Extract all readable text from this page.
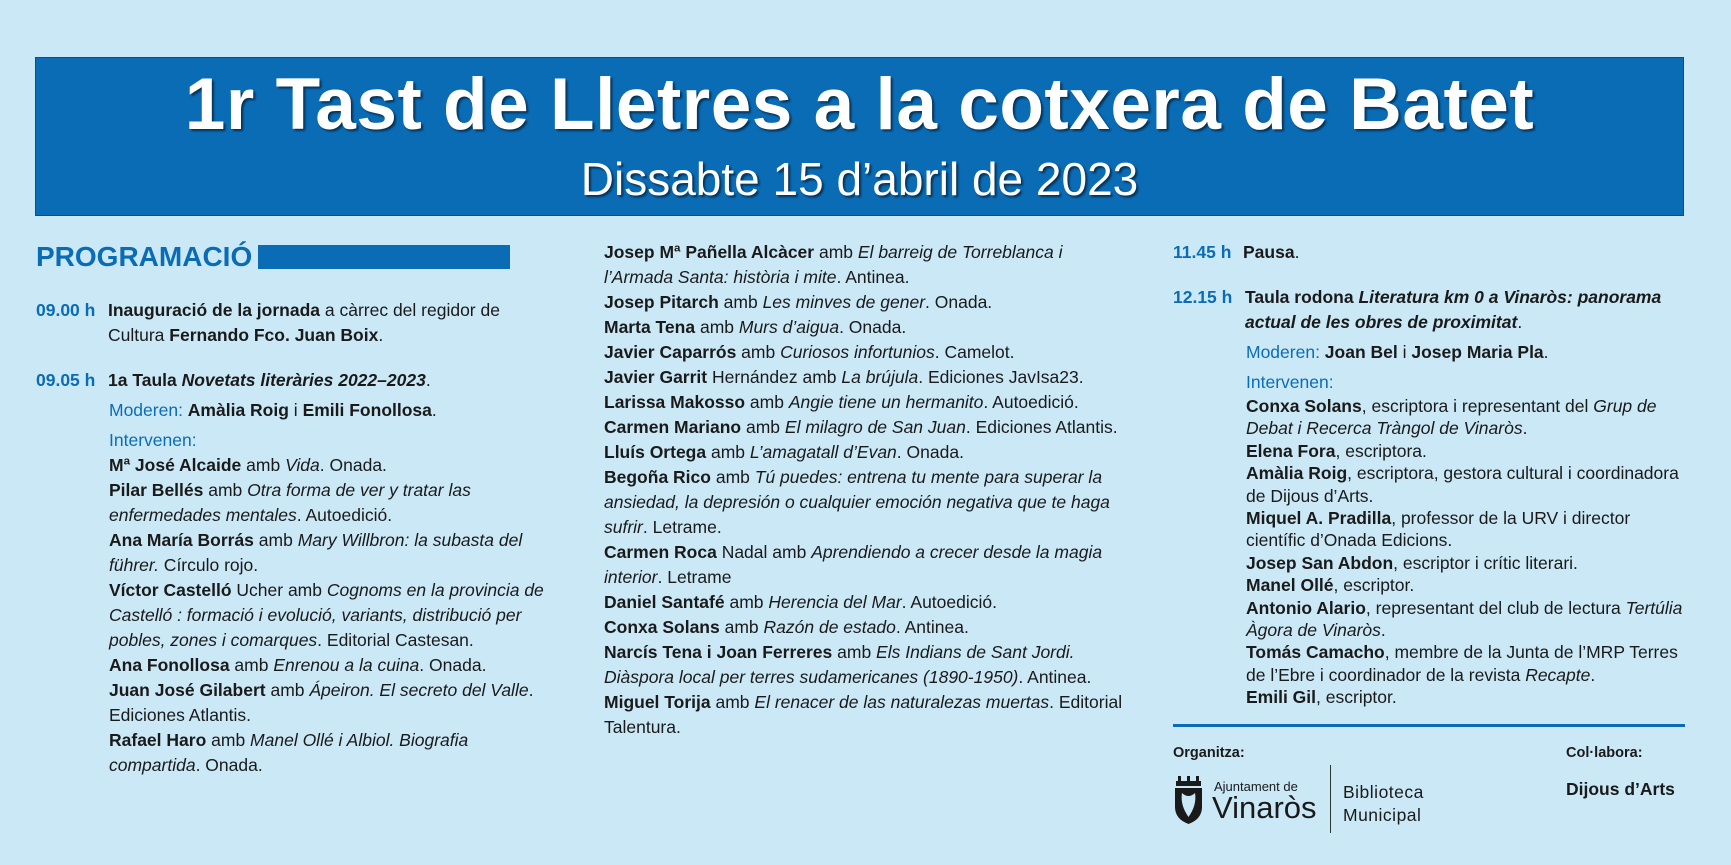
1r Tast de Lletres a la cotxera de Batet
Dissabte 15 d’abril de 2023
PROGRAMACIÓ
09.00 h Inauguració de la jornada a càrrec del regidor de Cultura Fernando Fco. Juan Boix.
09.05 h 1a Taula Novetats literàries 2022–2023.
Moderen: Amàlia Roig i Emili Fonollosa.
Intervenen:
Mª José Alcaide amb Vida. Onada.
Pilar Bellés amb Otra forma de ver y tratar las enfermedades mentales. Autoedició.
Ana María Borrás amb Mary Willbron: la subasta del führer. Círculo rojo.
Víctor Castelló Ucher amb Cognoms en la provincia de Castelló : formació i evolució, variants, distribució per pobles, zones i comarques. Editorial Castesan.
Ana Fonollosa amb Enrenou a la cuina. Onada.
Juan José Gilabert amb Ápeiron. El secreto del Valle. Ediciones Atlantis.
Rafael Haro amb Manel Ollé i Albiol. Biografia compartida. Onada.
Josep Mª Pañella Alcàcer amb El barreig de Torreblanca i l’Armada Santa: història i mite. Antinea.
Josep Pitarch amb Les minves de gener. Onada.
Marta Tena amb Murs d’aigua. Onada.
Javier Caparrós amb Curiosos infortunios. Camelot.
Javier Garrit Hernández amb La brújula. Ediciones JavIsa23.
Larissa Makosso amb Angie tiene un hermanito. Autoedició.
Carmen Mariano amb El milagro de San Juan. Ediciones Atlantis.
Lluís Ortega amb L’amagatall d’Evan. Onada.
Begoña Rico amb Tú puedes: entrena tu mente para superar la ansiedad, la depresión o cualquier emoción negativa que te haga sufrir. Letrame.
Carmen Roca Nadal amb Aprendiendo a crecer desde la magia interior. Letrame
Daniel Santafé amb Herencia del Mar. Autoedició.
Conxa Solans amb Razón de estado. Antinea.
Narcís Tena i Joan Ferreres amb Els Indians de Sant Jordi. Diàspora local per terres sudamericanes (1890-1950). Antinea.
Miguel Torija amb El renacer de las naturalezas muertas. Editorial Talentura.
11.45 h Pausa.
12.15 h Taula rodona Literatura km 0 a Vinaròs: panorama actual de les obres de proximitat.
Moderen: Joan Bel i Josep Maria Pla.
Intervenen:
Conxa Solans, escriptora i representant del Grup de Debat i Recerca Tràngol de Vinaròs.
Elena Fora, escriptora.
Amàlia Roig, escriptora, gestora cultural i coordinadora de Dijous d’Arts.
Miquel A. Pradilla, professor de la URV i director científic d’Onada Edicions.
Josep San Abdon, escriptor i crític literari.
Manel Ollé, escriptor.
Antonio Alario, representant del club de lectura Tertúlia Àgora de Vinaròs.
Tomás Camacho, membre de la Junta de l’MRP Terres de l’Ebre i coordinador de la revista Recapte.
Emili Gil, escriptor.
Organitza:	Col·labora:
Ajuntament de
Vinaròs Biblioteca
Municipal
Dijous d’Arts
